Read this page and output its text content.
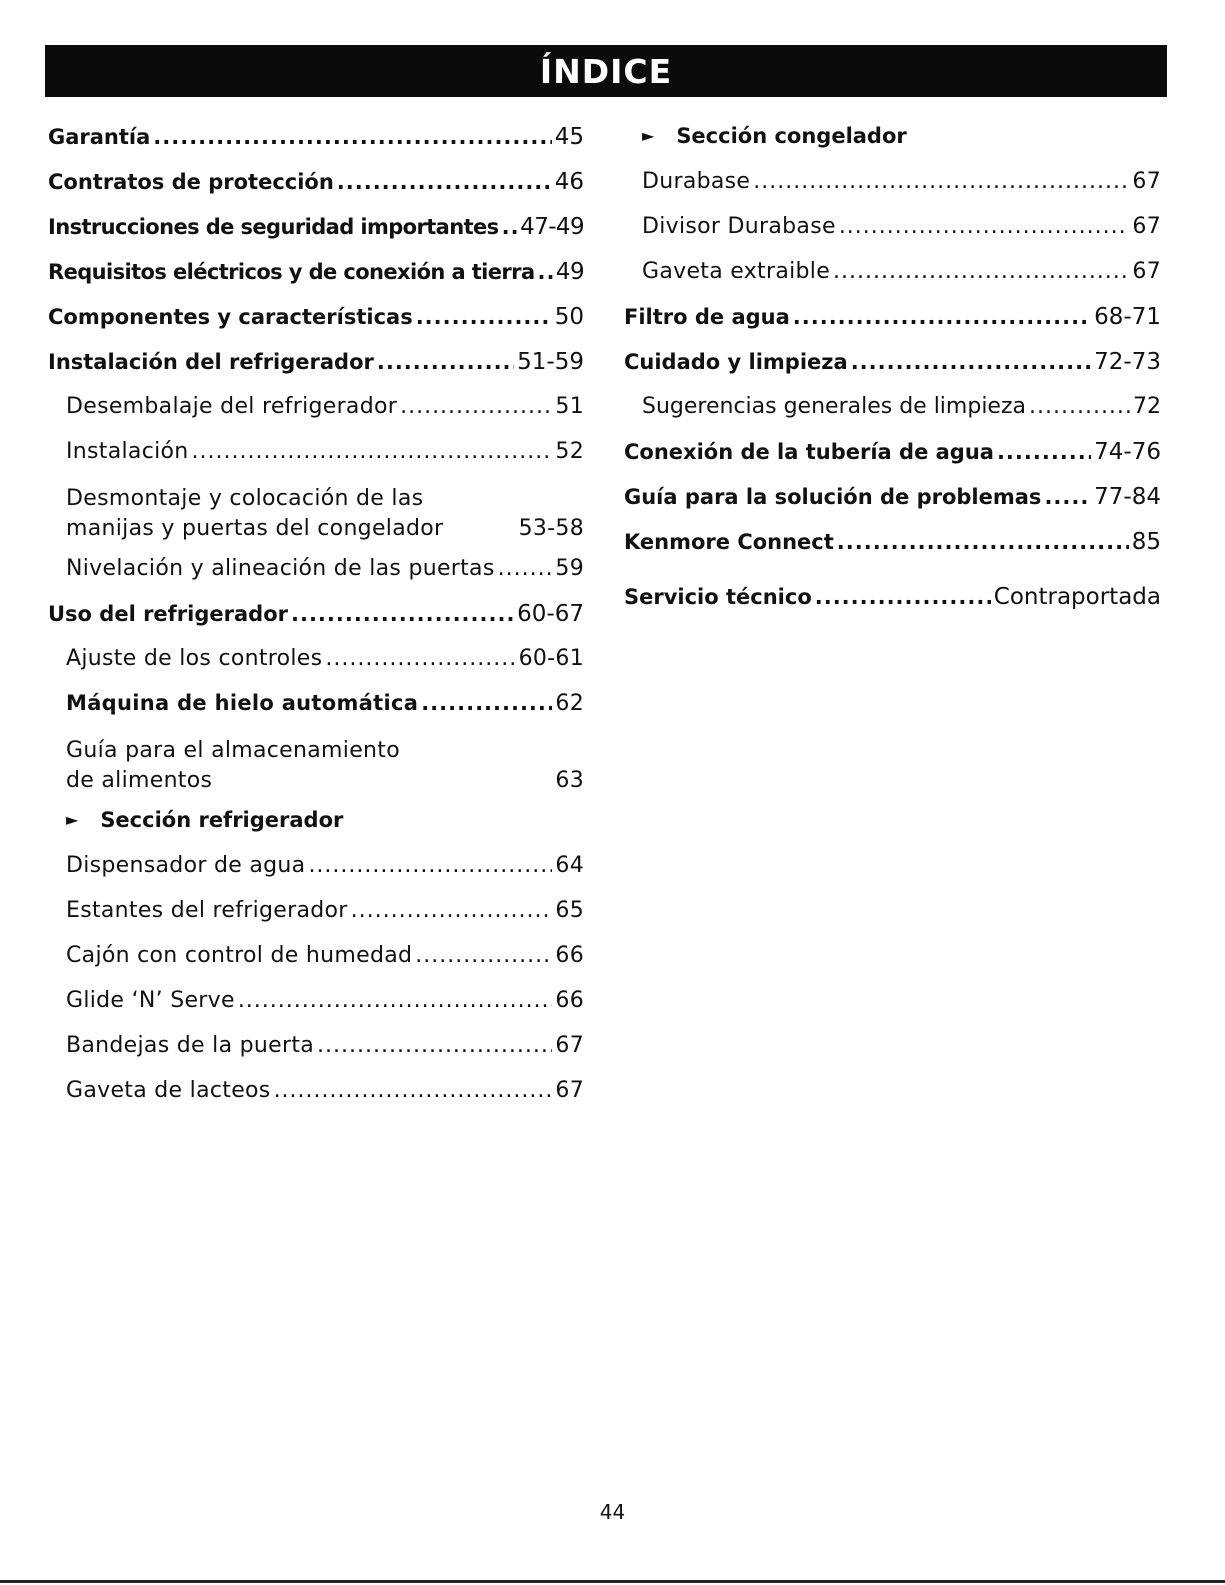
ÍNDICE
Garantía .....	45
Contratos de protección .....	46
Instrucciones de seguridad importantes ..... 47-49
Requisitos eléctricos y de conexión a tierra ..... 49
Componentes y características .....	50
Instalación del refrigerador .....	51-59
Desembalaje del refrigerador .....	51
Instalación .....	52
Desmontaje y colocación de las
manijas y puertas del congelador	53-58
Nivelación y alineación de las puertas .....	59
Uso del refrigerador .....	60-67
Ajuste de los controles .....	60-61
Máquina de hielo automática .....	62
Guía para el almacenamiento
de alimentos	63
► Sección refrigerador
Dispensador de agua .....	64
Estantes del refrigerador .....	65
Cajón con control de humedad .....	66
Glide ‘N’ Serve .....	66
Bandejas de la puerta .....	67
Gaveta de lacteos .....	67
► Sección congelador
Durabase .....	67
Divisor Durabase .....	67
Gaveta extraible .....	67
Filtro de agua .....	68-71
Cuidado y limpieza .....	72-73
Sugerencias generales de limpieza .....	72
Conexión de la tubería de agua .....	74-76
Guía para la solución de problemas ..... 77-84
Kenmore Connect .....	85
Servicio técnico .....	Contraportada
44
